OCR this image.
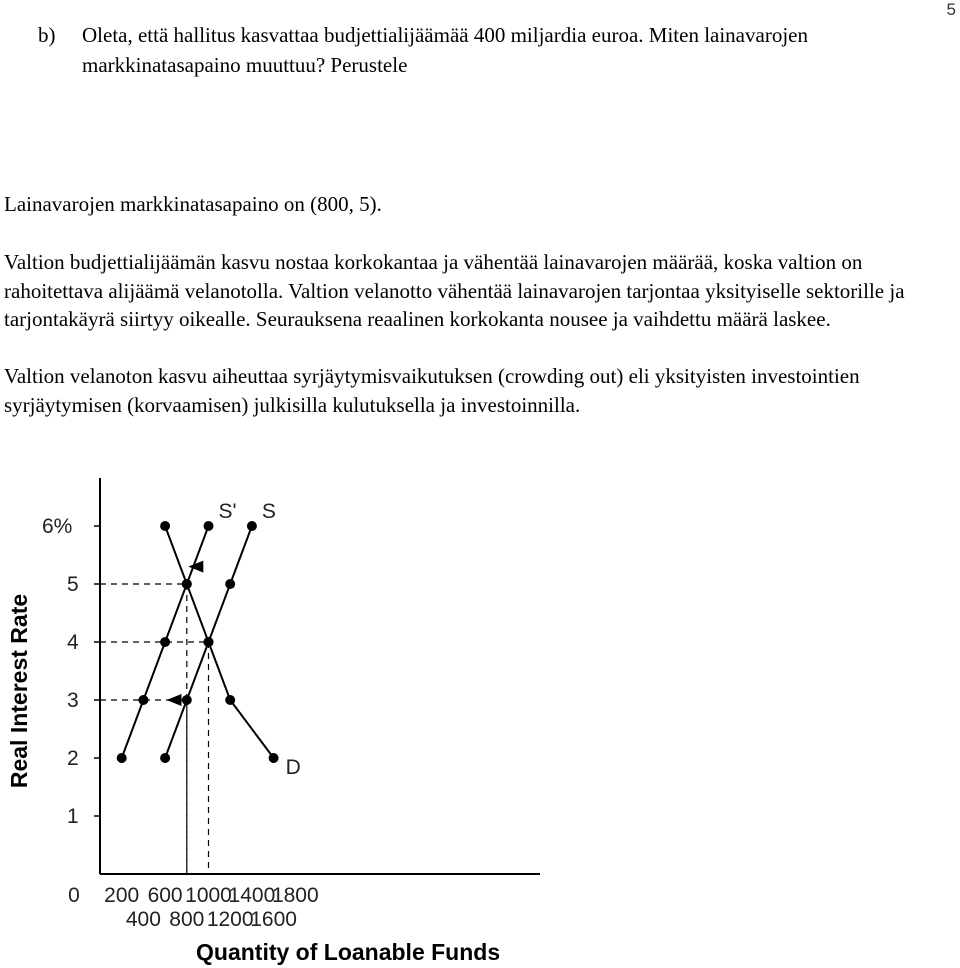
5
b)	Oleta, että hallitus kasvattaa budjettialijäämää 400 miljardia euroa. Miten lainavarojen markkinatasapaino muuttuu? Perustele
Lainavarojen markkinatasapaino on (800, 5).
Valtion budjettialijäämän kasvu nostaa korkokantaa ja vähentää lainavarojen määrää, koska valtion on rahoitettava alijäämä velanotolla. Valtion velanotto vähentää lainavarojen tarjontaa yksityiselle sektorille ja tarjontakäyrä siirtyy oikealle. Seurauksena reaalinen korkokanta nousee ja vaihdettu määrä laskee.
Valtion velanoton kasvu aiheuttaa syrjäytymisvaikutuksen (crowding out) eli yksityisten investointien syrjäytymisen (korvaamisen) julkisilla kulutuksella ja investoinnilla.
1
2
3
4
5
6%
0 200 600 1000
1400
1800
400 800 1200
1600
S' S
D
Real Interest Rate
Quantity of Loanable Funds
